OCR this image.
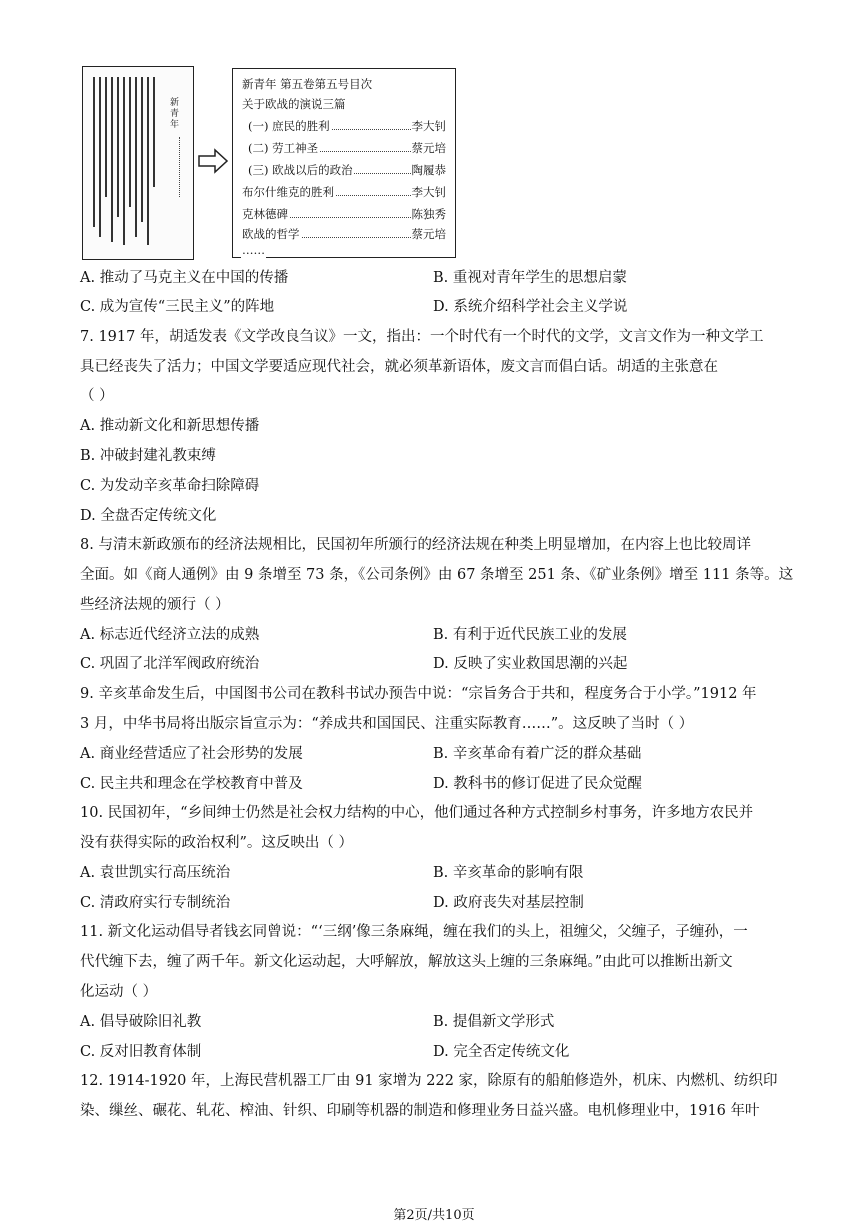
新青年
新青年 第五卷第五号目次
关于欧战的演说三篇
(一) 庶民的胜利	李大钊
(二) 劳工神圣	蔡元培
(三) 欧战以后的政治	陶履恭
布尔什维克的胜利	李大钊
克林德碑	陈独秀
欧战的哲学	蔡元培
……
A. 推动了马克主义在中国的传播	B. 重视对青年学生的思想启蒙
C. 成为宣传“三民主义”的阵地	D. 系统介绍科学社会主义学说
7. 1917 年，胡适发表《文学改良刍议》一文，指出：一个时代有一个时代的文学，文言文作为一种文学工
具已经丧失了活力；中国文学要适应现代社会，就必须革新语体，废文言而倡白话。胡适的主张意在
（ ）
A. 推动新文化和新思想传播
B. 冲破封建礼教束缚
C. 为发动辛亥革命扫除障碍
D. 全盘否定传统文化
8. 与清末新政颁布的经济法规相比，民国初年所颁行的经济法规在种类上明显增加，在内容上也比较周详
全面。如《商人通例》由 9 条增至 73 条，《公司条例》由 67 条增至 251 条、《矿业条例》增至 111 条等。这
些经济法规的颁行（ ）
A. 标志近代经济立法的成熟	B. 有利于近代民族工业的发展
C. 巩固了北洋军阀政府统治	D. 反映了实业救国思潮的兴起
9. 辛亥革命发生后，中国图书公司在教科书试办预告中说：“宗旨务合于共和，程度务合于小学。”1912 年
3 月，中华书局将出版宗旨宣示为：“养成共和国国民、注重实际教育……”。这反映了当时（ ）
A. 商业经营适应了社会形势的发展	B. 辛亥革命有着广泛的群众基础
C. 民主共和理念在学校教育中普及	D. 教科书的修订促进了民众觉醒
10. 民国初年，“乡间绅士仍然是社会权力结构的中心，他们通过各种方式控制乡村事务，许多地方农民并
没有获得实际的政治权利”。这反映出（ ）
A. 袁世凯实行高压统治	B. 辛亥革命的影响有限
C. 清政府实行专制统治	D. 政府丧失对基层控制
11. 新文化运动倡导者钱玄同曾说：“‘三纲’像三条麻绳，缠在我们的头上，祖缠父，父缠子，子缠孙，一
代代缠下去，缠了两千年。新文化运动起，大呼解放，解放这头上缠的三条麻绳。”由此可以推断出新文
化运动（ ）
A. 倡导破除旧礼教	B. 提倡新文学形式
C. 反对旧教育体制	D. 完全否定传统文化
12. 1914-1920 年，上海民营机器工厂由 91 家增为 222 家，除原有的船舶修造外，机床、内燃机、纺织印
染、缫丝、碾花、轧花、榨油、针织、印刷等机器的制造和修理业务日益兴盛。电机修理业中，1916 年叶
第2页/共10页
